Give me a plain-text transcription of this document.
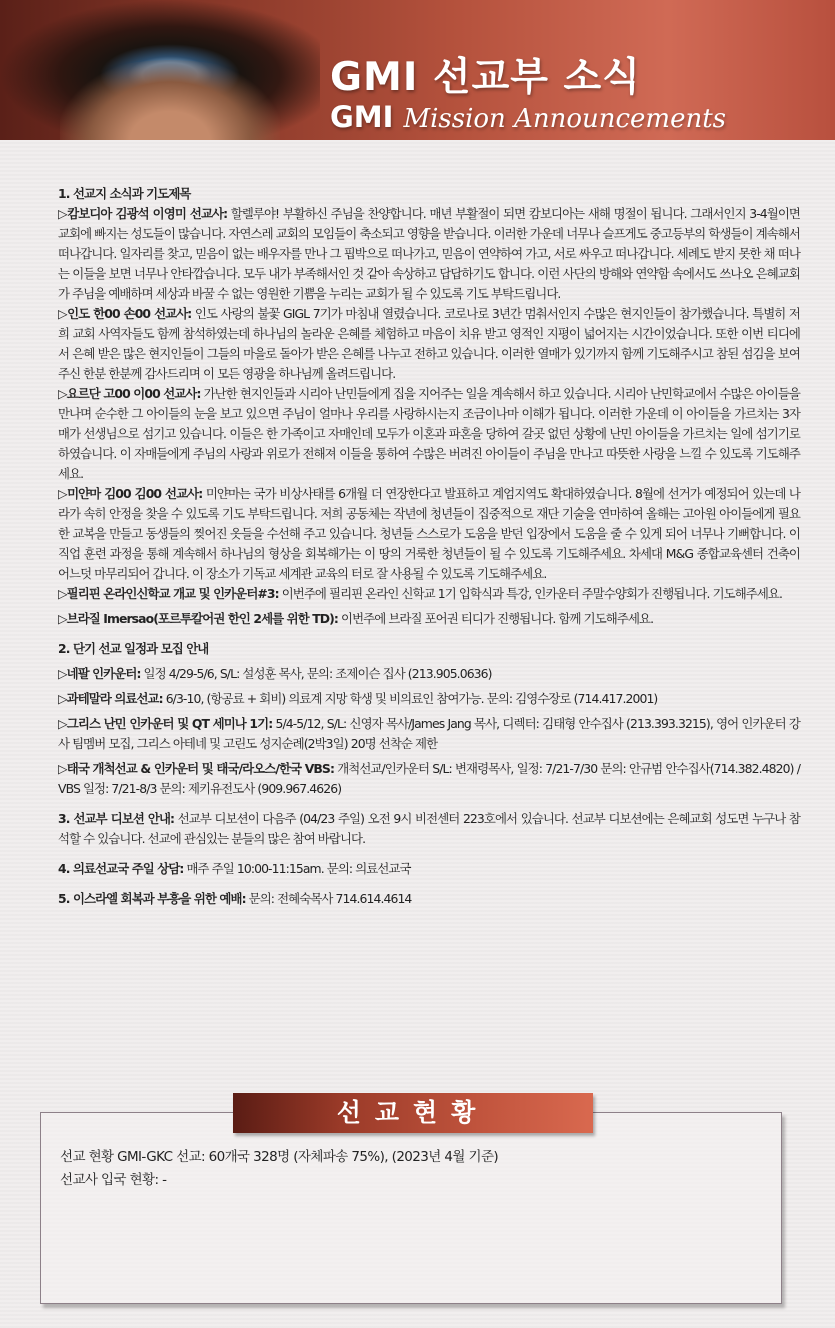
GMI 선교부 소식
GMI Mission Announcements

1. 선교지 소식과 기도제목

▷캄보디아 김광석 이영미 선교사: 할렐루야! 부활하신 주님을 찬양합니다. 매년 부활절이 되면 캄보디아는 새해 명절이 됩니다. 그래서인지 3-4월이면 교회에 빠지는 성도들이 많습니다. 자연스레 교회의 모임들이 축소되고 영향을 받습니다. 이러한 가운데 너무나 슬프게도 중고등부의 학생들이 계속해서 떠나갑니다. 일자리를 찾고, 믿음이 없는 배우자를 만나 그 핍박으로 떠나가고, 믿음이 연약하여 가고, 서로 싸우고 떠나갑니다. 세례도 받지 못한 채 떠나는 이들을 보면 너무나 안타깝습니다. 모두 내가 부족해서인 것 같아 속상하고 답답하기도 합니다. 이런 사단의 방해와 연약함 속에서도 쓰나오 은혜교회가 주님을 예배하며 세상과 바꿀 수 없는 영원한 기쁨을 누리는 교회가 될 수 있도록 기도 부탁드립니다.

▷인도 한00 손00 선교사: 인도 사랑의 불꽃 GIGL 7기가 마침내 열렸습니다. 코로나로 3년간 멈춰서인지 수많은 현지인들이 참가했습니다. 특별히 저희 교회 사역자들도 함께 참석하였는데 하나님의 놀라운 은혜를 체험하고 마음이 치유 받고 영적인 지평이 넓어지는 시간이었습니다. 또한 이번 티디에서 은혜 받은 많은 현지인들이 그들의 마을로 돌아가 받은 은혜를 나누고 전하고 있습니다. 이러한 열매가 있기까지 함께 기도해주시고 참된 섬김을 보여주신 한분 한분께 감사드리며 이 모든 영광을 하나님께 올려드립니다.

▷요르단 고00 이00 선교사: 가난한 현지인들과 시리아 난민들에게 집을 지어주는 일을 계속해서 하고 있습니다. 시리아 난민학교에서 수많은 아이들을 만나며 순수한 그 아이들의 눈을 보고 있으면 주님이 얼마나 우리를 사랑하시는지 조금이나마 이해가 됩니다. 이러한 가운데 이 아이들을 가르치는 3자매가 선생님으로 섬기고 있습니다. 이들은 한 가족이고 자매인데 모두가 이혼과 파혼을 당하여 갈곳 없던 상황에 난민 아이들을 가르치는 일에 섬기기로 하였습니다. 이 자매들에게 주님의 사랑과 위로가 전해져 이들을 통하여 수많은 버려진 아이들이 주님을 만나고 따뜻한 사랑을 느낄 수 있도록 기도해주세요.

▷미얀마 김00 김00 선교사: 미얀마는 국가 비상사태를 6개월 더 연장한다고 발표하고 계엄지역도 확대하였습니다. 8월에 선거가 예정되어 있는데 나라가 속히 안정을 찾을 수 있도록 기도 부탁드립니다. 저희 공동체는 작년에 청년들이 집중적으로 재단 기술을 연마하여 올해는 고아원 아이들에게 필요한 교복을 만들고 동생들의 찢어진 옷들을 수선해 주고 있습니다. 청년들 스스로가 도움을 받던 입장에서 도움을 줄 수 있게 되어 너무나 기뻐합니다. 이 직업 훈련 과정을 통해 계속해서 하나님의 형상을 회복해가는 이 땅의 거룩한 청년들이 될 수 있도록 기도해주세요. 차세대 M&G 종합교육센터 건축이 어느덧 마무리되어 갑니다. 이 장소가 기독교 세계관 교육의 터로 잘 사용될 수 있도록 기도해주세요.

▷필리핀 온라인신학교 개교 및 인카운터#3: 이번주에 필리핀 온라인 신학교 1기 입학식과 특강, 인카운터 주말수양회가 진행됩니다. 기도해주세요.

▷브라질 Imersao(포르투칼어권 한인 2세를 위한 TD): 이번주에 브라질 포어권 티디가 진행됩니다. 함께 기도해주세요.

2. 단기 선교 일정과 모집 안내

▷네팔 인카운터: 일정 4/29-5/6, S/L: 설성훈 목사, 문의: 조제이슨 집사 (213.905.0636)

▷과테말라 의료선교: 6/3-10, (항공료 + 회비) 의료계 지망 학생 및 비의료인 참여가능. 문의: 김영수장로 (714.417.2001)

▷그리스 난민 인카운터 및 QT 세미나 1기: 5/4-5/12, S/L: 신영자 목사/James Jang 목사, 디렉터: 김태형 안수집사 (213.393.3215), 영어 인카운터 강사 팀멤버 모집, 그리스 아테네 및 고린도 성지순례(2박3일) 20명 선착순 제한

▷태국 개척선교 & 인카운터 및 태국/라오스/한국 VBS: 개척선교/인카운터 S/L: 변재령목사, 일정: 7/21-7/30 문의: 안규범 안수집사(714.382.4820) / VBS 일정: 7/21-8/3 문의: 제키유전도사 (909.967.4626)

3. 선교부 디보션 안내: 선교부 디보션이 다음주 (04/23 주일) 오전 9시 비전센터 223호에서 있습니다. 선교부 디보션에는 은혜교회 성도면 누구나 참석할 수 있습니다. 선교에 관심있는 분들의 많은 참여 바랍니다.

4. 의료선교국 주일 상담: 매주 주일 10:00-11:15am. 문의: 의료선교국

5. 이스라엘 회복과 부흥을 위한 예배: 문의: 전혜숙목사 714.614.4614

선교현황
선교 현황 GMI-GKC 선교: 60개국 328명 (자체파송 75%), (2023년 4월 기준)
선교사 입국 현황: -
